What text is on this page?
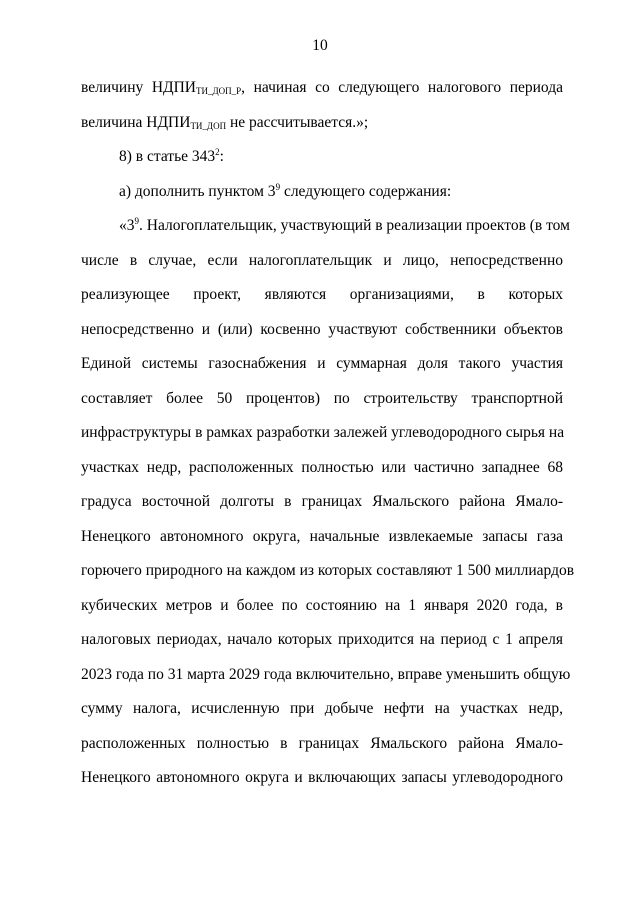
10
величину $НДПИ_{ТИ\_ДОП\_Р}$, начиная со следующего налогового периода
величина $НДПИ_{ТИ\_ДОП}$ не рассчитывается.»;
8) в статье $343^2$:
а) дополнить пунктом $3^9$ следующего содержания:
«$3^9$. Налогоплательщик, участвующий в реализации проектов (в том
числе в случае, если налогоплательщик и лицо, непосредственно
реализующее проект, являются организациями, в которых
непосредственно и (или) косвенно участвуют собственники объектов
Единой системы газоснабжения и суммарная доля такого участия
составляет более 50 процентов) по строительству транспортной
инфраструктуры в рамках разработки залежей углеводородного сырья на
участках недр, расположенных полностью или частично западнее 68
градуса восточной долготы в границах Ямальского района Ямало-
Ненецкого автономного округа, начальные извлекаемые запасы газа
горючего природного на каждом из которых составляют 1 500 миллиардов
кубических метров и более по состоянию на 1 января 2020 года, в
налоговых периодах, начало которых приходится на период с 1 апреля
2023 года по 31 марта 2029 года включительно, вправе уменьшить общую
сумму налога, исчисленную при добыче нефти на участках недр,
расположенных полностью в границах Ямальского района Ямало-
Ненецкого автономного округа и включающих запасы углеводородного
